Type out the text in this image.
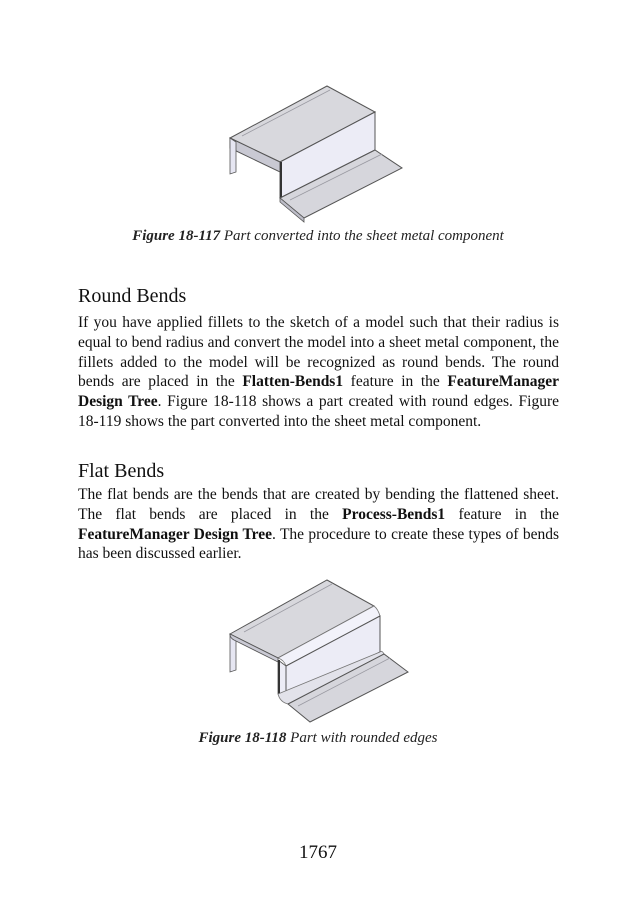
Figure 18-117 Part converted into the sheet metal component
Round Bends

If you have applied fillets to the sketch of a model such that their radius is equal to bend radius and convert the model into a sheet metal component, the fillets added to the model will be recognized as round bends. The round bends are placed in the Flatten-Bends1 feature in the FeatureManager Design Tree. Figure 18-118 shows a part created with round edges. Figure 18-119 shows the part converted into the sheet metal component.

Flat Bends

The flat bends are the bends that are created by bending the flattened sheet. The flat bends are placed in the Process-Bends1 feature in the FeatureManager Design Tree. The procedure to create these types of bends has been discussed earlier.

Figure 18-118 Part with rounded edges
1767
